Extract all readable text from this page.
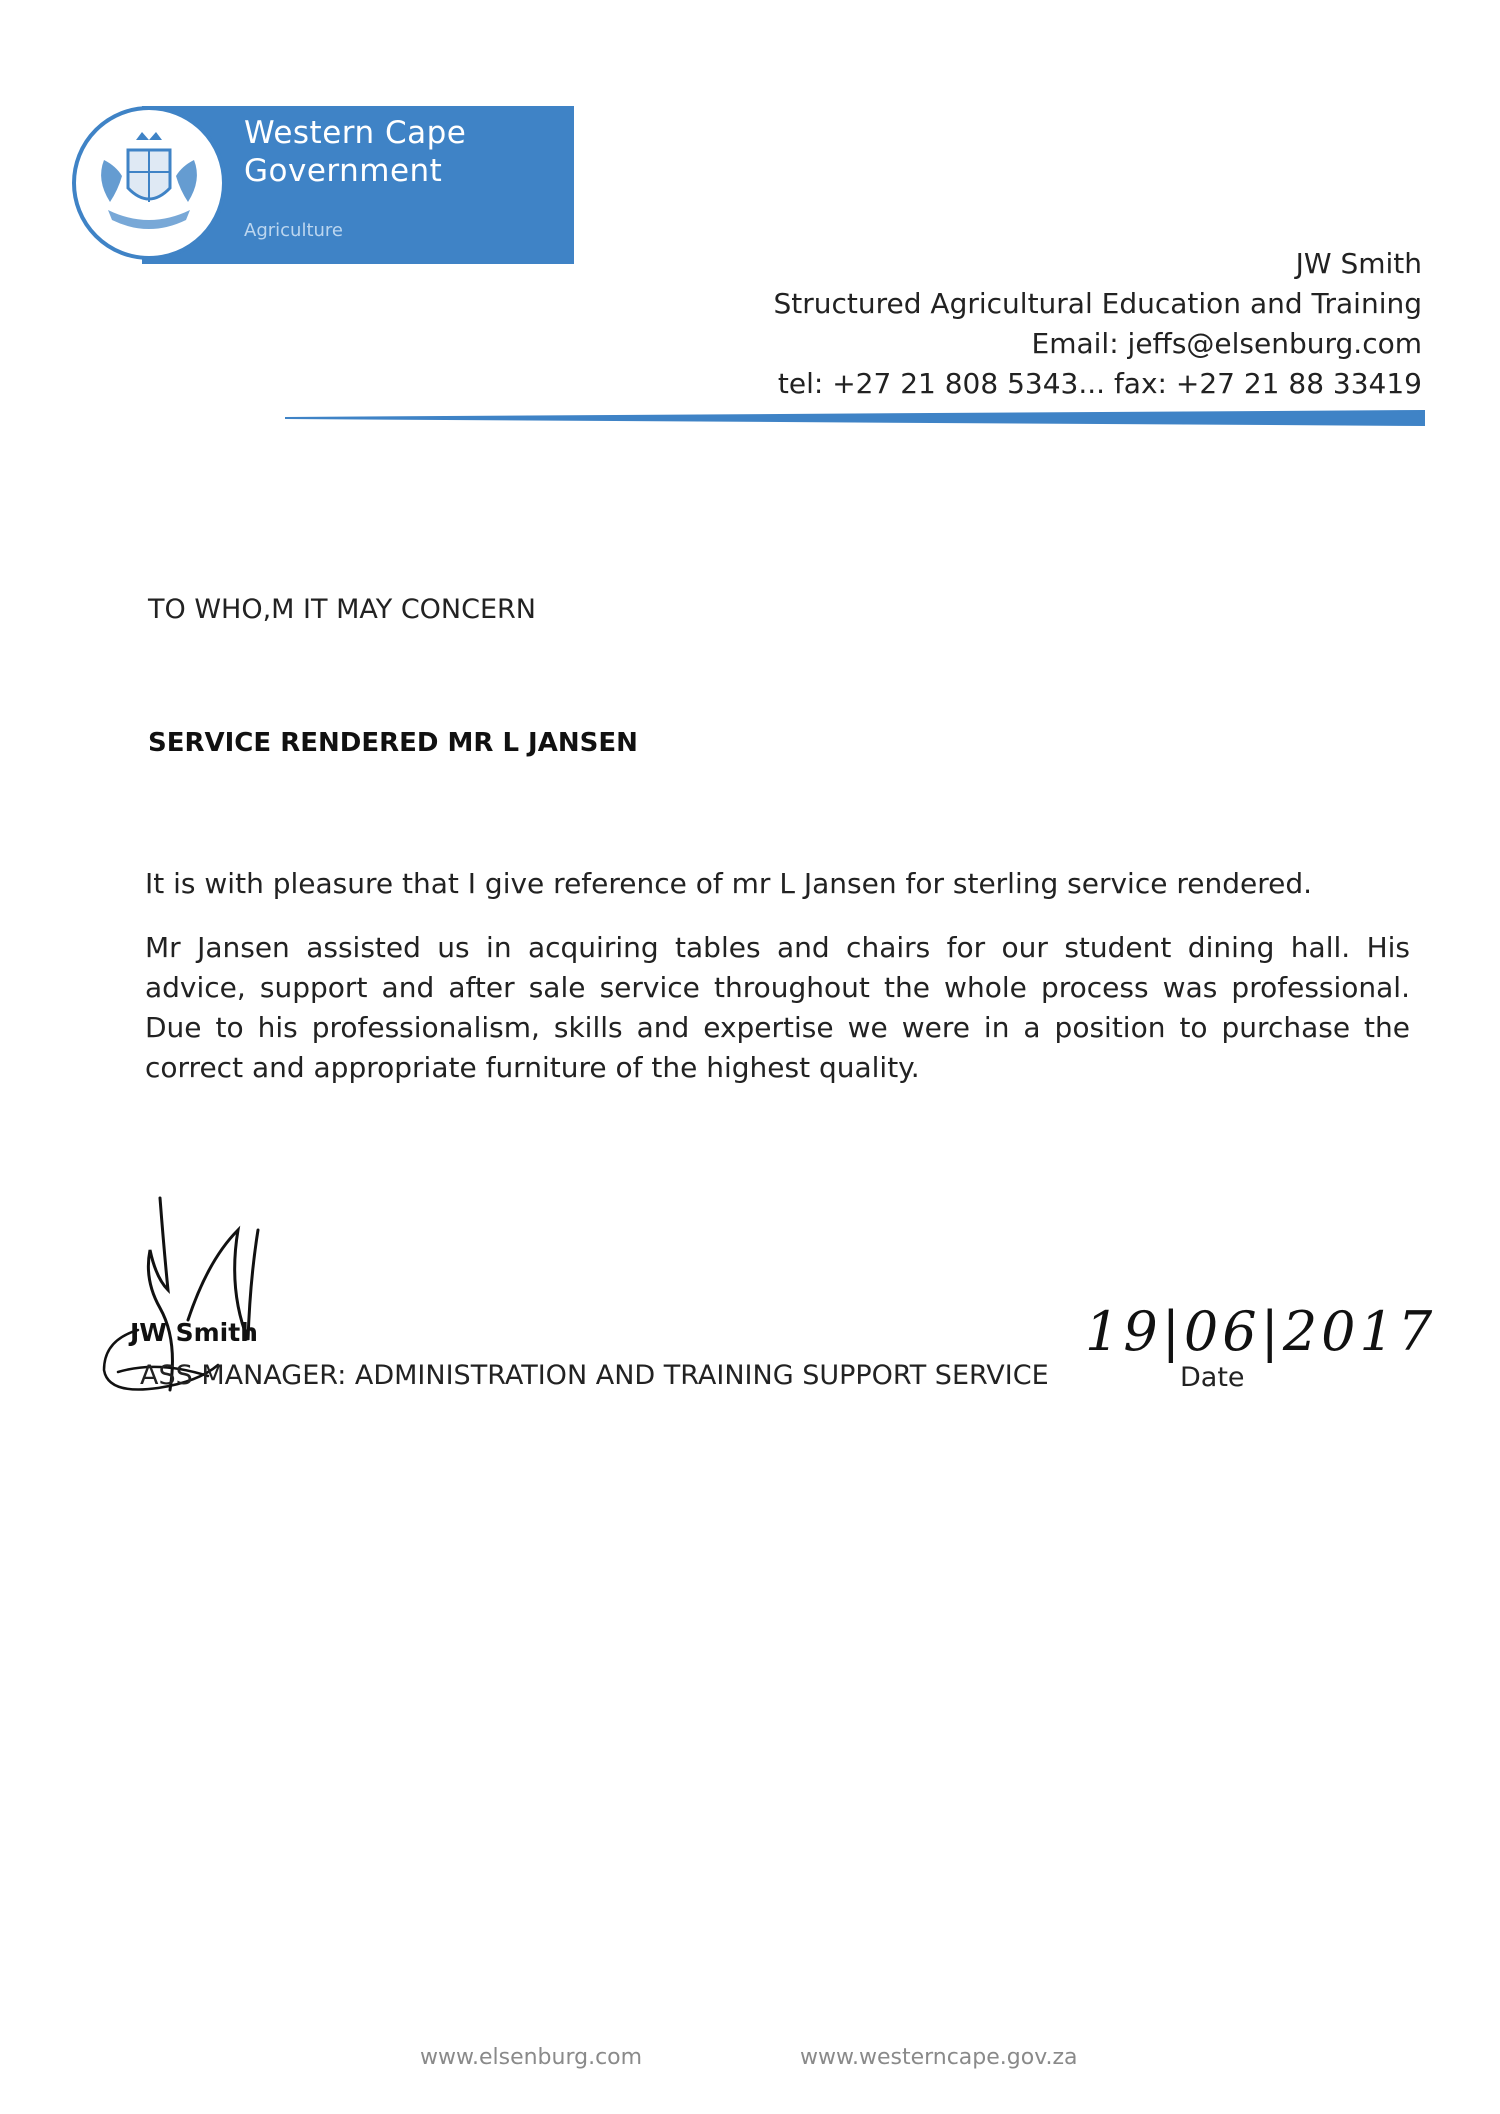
Western Cape
Government
Agriculture
JW Smith
Structured Agricultural Education and Training
Email: jeffs@elsenburg.com
tel: +27 21 808 5343... fax: +27 21 88 33419
TO WHO,M IT MAY CONCERN
SERVICE RENDERED MR L JANSEN
It is with pleasure that I give reference of mr L Jansen for sterling service rendered.
Mr Jansen assisted us in acquiring tables and chairs for our student dining hall. His advice, support and after sale service throughout the whole process was professional. Due to his professionalism, skills and expertise we were in a position to purchase the correct and appropriate furniture of the highest quality.
JW Smith
ASS MANAGER: ADMINISTRATION AND TRAINING SUPPORT SERVICE
19|06|2017
Date
www.elsenburg.com	www.westerncape.gov.za
